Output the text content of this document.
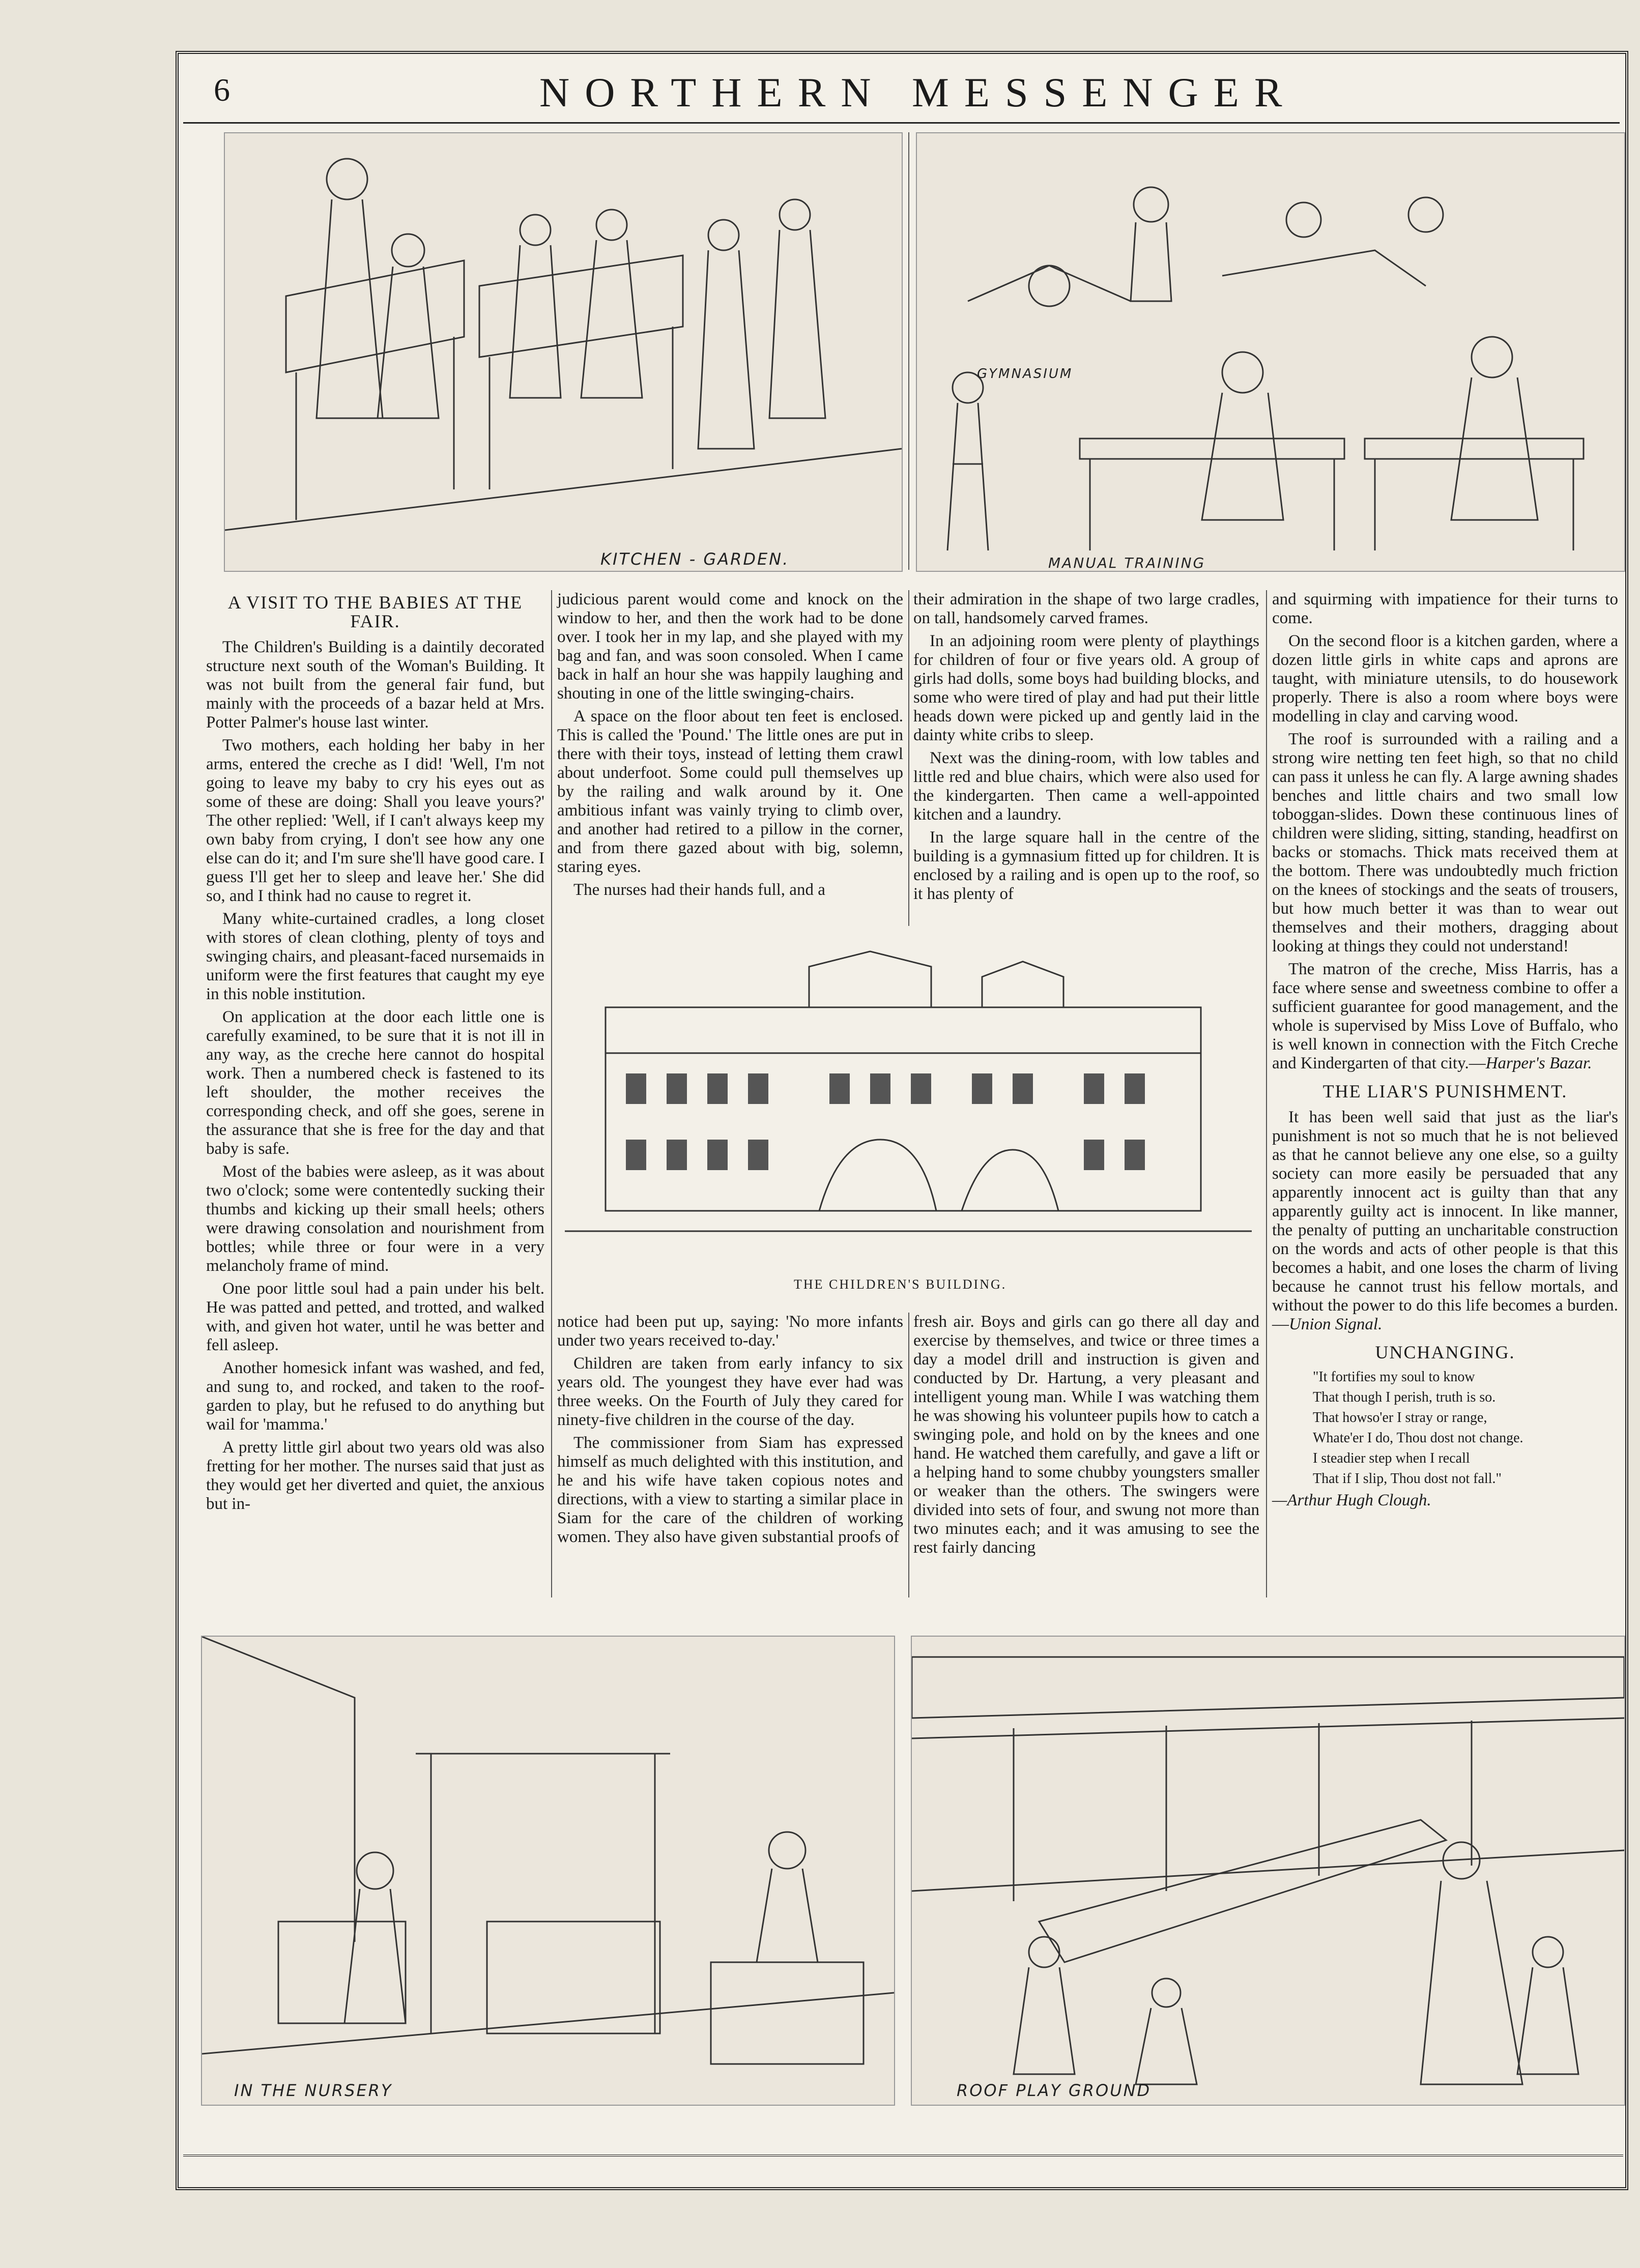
6	NORTHERN MESSENGER
KITCHEN - GARDEN.
GYMNASIUM
MANUAL TRAINING
A VISIT TO THE BABIES AT THE FAIR.

The Children's Building is a daintily decorated structure next south of the Woman's Building. It was not built from the general fair fund, but mainly with the proceeds of a bazar held at Mrs. Potter Palmer's house last winter.

Two mothers, each holding her baby in her arms, entered the creche as I did! 'Well, I'm not going to leave my baby to cry his eyes out as some of these are doing: Shall you leave yours?' The other replied: 'Well, if I can't always keep my own baby from crying, I don't see how any one else can do it; and I'm sure she'll have good care. I guess I'll get her to sleep and leave her.' She did so, and I think had no cause to regret it.

Many white-curtained cradles, a long closet with stores of clean clothing, plenty of toys and swinging chairs, and pleasant-faced nursemaids in uniform were the first features that caught my eye in this noble institution.

On application at the door each little one is carefully examined, to be sure that it is not ill in any way, as the creche here cannot do hospital work. Then a numbered check is fastened to its left shoulder, the mother receives the corresponding check, and off she goes, serene in the assurance that she is free for the day and that baby is safe.

Most of the babies were asleep, as it was about two o'clock; some were contentedly sucking their thumbs and kicking up their small heels; others were drawing consolation and nourishment from bottles; while three or four were in a very melancholy frame of mind.

One poor little soul had a pain under his belt. He was patted and petted, and trotted, and walked with, and given hot water, until he was better and fell asleep.

Another homesick infant was washed, and fed, and sung to, and rocked, and taken to the roof-garden to play, but he refused to do anything but wail for 'mamma.'

A pretty little girl about two years old was also fretting for her mother. The nurses said that just as they would get her diverted and quiet, the anxious but in-

judicious parent would come and knock on the window to her, and then the work had to be done over. I took her in my lap, and she played with my bag and fan, and was soon consoled. When I came back in half an hour she was happily laughing and shouting in one of the little swinging-chairs.

A space on the floor about ten feet is enclosed. This is called the 'Pound.' The little ones are put in there with their toys, instead of letting them crawl about underfoot. Some could pull themselves up by the railing and walk around by it. One ambitious infant was vainly trying to climb over, and another had retired to a pillow in the corner, and from there gazed about with big, solemn, staring eyes.

The nurses had their hands full, and a

their admiration in the shape of two large cradles, on tall, handsomely carved frames.

In an adjoining room were plenty of playthings for children of four or five years old. A group of girls had dolls, some boys had building blocks, and some who were tired of play and had put their little heads down were picked up and gently laid in the dainty white cribs to sleep.

Next was the dining-room, with low tables and little red and blue chairs, which were also used for the kindergarten. Then came a well-appointed kitchen and a laundry.

In the large square hall in the centre of the building is a gymnasium fitted up for children. It is enclosed by a railing and is open up to the roof, so it has plenty of

THE CHILDREN'S BUILDING.

notice had been put up, saying: 'No more infants under two years received to-day.'

Children are taken from early infancy to six years old. The youngest they have ever had was three weeks. On the Fourth of July they cared for ninety-five children in the course of the day.

The commissioner from Siam has expressed himself as much delighted with this institution, and he and his wife have taken copious notes and directions, with a view to starting a similar place in Siam for the care of the children of working women. They also have given substantial proofs of

fresh air. Boys and girls can go there all day and exercise by themselves, and twice or three times a day a model drill and instruction is given and conducted by Dr. Hartung, a very pleasant and intelligent young man. While I was watching them he was showing his volunteer pupils how to catch a swinging pole, and hold on by the knees and one hand. He watched them carefully, and gave a lift or a helping hand to some chubby youngsters smaller or weaker than the others. The swingers were divided into sets of four, and swung not more than two minutes each; and it was amusing to see the rest fairly dancing

and squirming with impatience for their turns to come.

On the second floor is a kitchen garden, where a dozen little girls in white caps and aprons are taught, with miniature utensils, to do housework properly. There is also a room where boys were modelling in clay and carving wood.

The roof is surrounded with a railing and a strong wire netting ten feet high, so that no child can pass it unless he can fly. A large awning shades benches and little chairs and two small low toboggan-slides. Down these continuous lines of children were sliding, sitting, standing, headfirst on backs or stomachs. Thick mats received them at the bottom. There was undoubtedly much friction on the knees of stockings and the seats of trousers, but how much better it was than to wear out themselves and their mothers, dragging about looking at things they could not understand!

The matron of the creche, Miss Harris, has a face where sense and sweetness combine to offer a sufficient guarantee for good management, and the whole is supervised by Miss Love of Buffalo, who is well known in connection with the Fitch Creche and Kindergarten of that city.—Harper's Bazar.

THE LIAR'S PUNISHMENT.

It has been well said that just as the liar's punishment is not so much that he is not believed as that he cannot believe any one else, so a guilty society can more easily be persuaded that any apparently innocent act is guilty than that any apparently guilty act is innocent. In like manner, the penalty of putting an uncharitable construction on the words and acts of other people is that this becomes a habit, and one loses the charm of living because he cannot trust his fellow mortals, and without the power to do this life becomes a burden.—Union Signal.

UNCHANGING.

"It fortifies my soul to know

That though I perish, truth is so.

That howso'er I stray or range,

Whate'er I do, Thou dost not change.

I steadier step when I recall

That if I slip, Thou dost not fall."

—Arthur Hugh Clough.

IN THE NURSERY	ROOF PLAY GROUND
